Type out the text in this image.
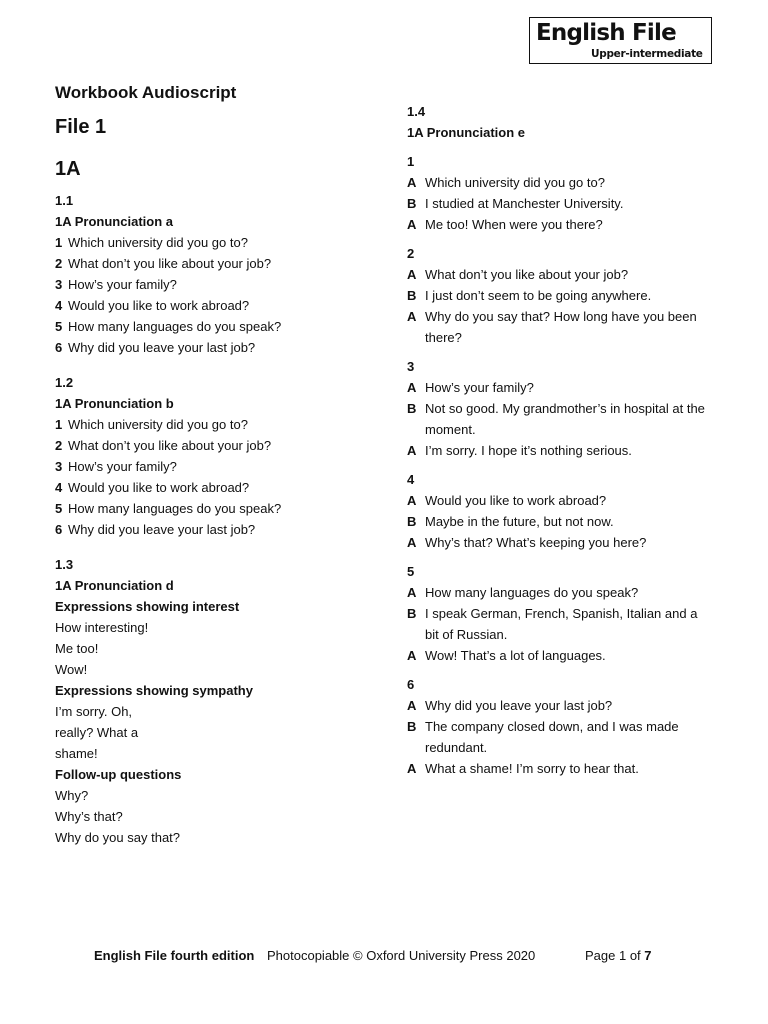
English File
Upper-intermediate
Workbook Audioscript
File 1
1A
1.1
1A Pronunciation a
1 Which university did you go to?
2 What don’t you like about your job?
3 How’s your family?
4 Would you like to work abroad?
5 How many languages do you speak?
6 Why did you leave your last job?
1.2
1A Pronunciation b
1 Which university did you go to?
2 What don’t you like about your job?
3 How’s your family?
4 Would you like to work abroad?
5 How many languages do you speak?
6 Why did you leave your last job?
1.3
1A Pronunciation d
Expressions showing interest
How interesting!
Me too!
Wow!
Expressions showing sympathy
I’m sorry. Oh,
really? What a
shame!
Follow-up questions
Why?
Why’s that?
Why do you say that?
1.4
1A Pronunciation e
1
A Which university did you go to?
B I studied at Manchester University.
A Me too! When were you there?
2
A What don’t you like about your job?
B I just don’t seem to be going anywhere.
A Why do you say that? How long have you been
there?
3
A How’s your family?
B Not so good. My grandmother’s in hospital at the
moment.
A I’m sorry. I hope it’s nothing serious.
4
A Would you like to work abroad?
B Maybe in the future, but not now.
A Why’s that? What’s keeping you here?
5
A How many languages do you speak?
B I speak German, French, Spanish, Italian and a
bit of Russian.
A Wow! That’s a lot of languages.
6
A Why did you leave your last job?
B The company closed down, and I was made
redundant.
A What a shame! I’m sorry to hear that.
English File fourth edition Photocopiable © Oxford University Press 2020	Page 1 of 7
